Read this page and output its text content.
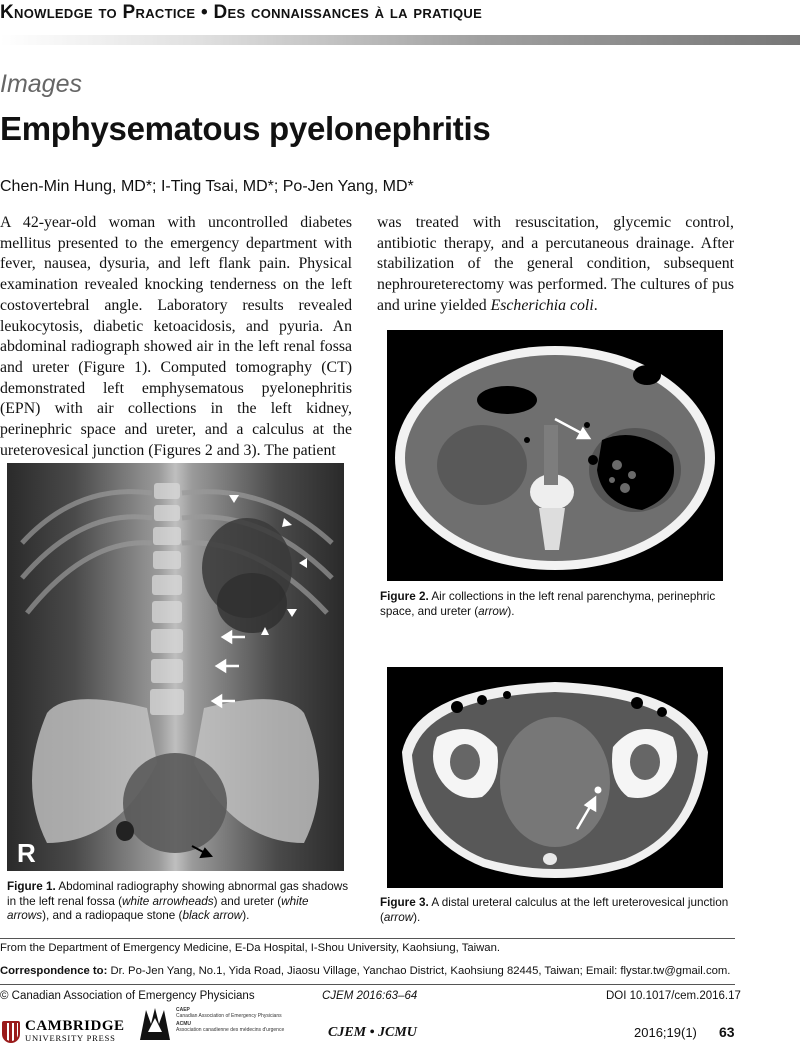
Knowledge to Practice • Des connaissances à la pratique
Images
Emphysematous pyelonephritis
Chen-Min Hung, MD*; I-Ting Tsai, MD*; Po-Jen Yang, MD*

A 42-year-old woman with uncontrolled diabetes mellitus presented to the emergency department with fever, nausea, dysuria, and left flank pain. Physical examination revealed knocking tenderness on the left costovertebral angle. Laboratory results revealed leukocytosis, diabetic ketoacidosis, and pyuria. An abdominal radiograph showed air in the left renal fossa and ureter (Figure 1). Computed tomography (CT) demonstrated left emphysematous pyelonephritis (EPN) with air collections in the left kidney, perinephric space and ureter, and a calculus at the ureterovesical junction (Figures 2 and 3). The patient

was treated with resuscitation, glycemic control, antibiotic therapy, and a percutaneous drainage. After stabilization of the general condition, subsequent nephroureterectomy was performed. The cultures of pus and urine yielded Escherichia coli.

R
Figure 1. Abdominal radiography showing abnormal gas shadows in the left renal fossa (white arrowheads) and ureter (white arrows), and a radiopaque stone (black arrow).
Figure 2. Air collections in the left renal parenchyma, perinephric space, and ureter (arrow).
Figure 3. A distal ureteral calculus at the left ureterovesical junction (arrow).
From the Department of Emergency Medicine, E-Da Hospital, I-Shou University, Kaohsiung, Taiwan.
Correspondence to: Dr. Po-Jen Yang, No.1, Yida Road, Jiaosu Village, Yanchao District, Kaohsiung 82445, Taiwan; Email: flystar.tw@gmail.com.
© Canadian Association of Emergency Physicians	CJEM 2016:63–64	DOI 10.1017/cem.2016.17
CAMBRIDGE
UNIVERSITY PRESS
CAEP
Canadian Association of Emergency Physicians
ACMU
Association canadienne des médecins d'urgence	CJEM • JCMU	2016;19(1) 63
